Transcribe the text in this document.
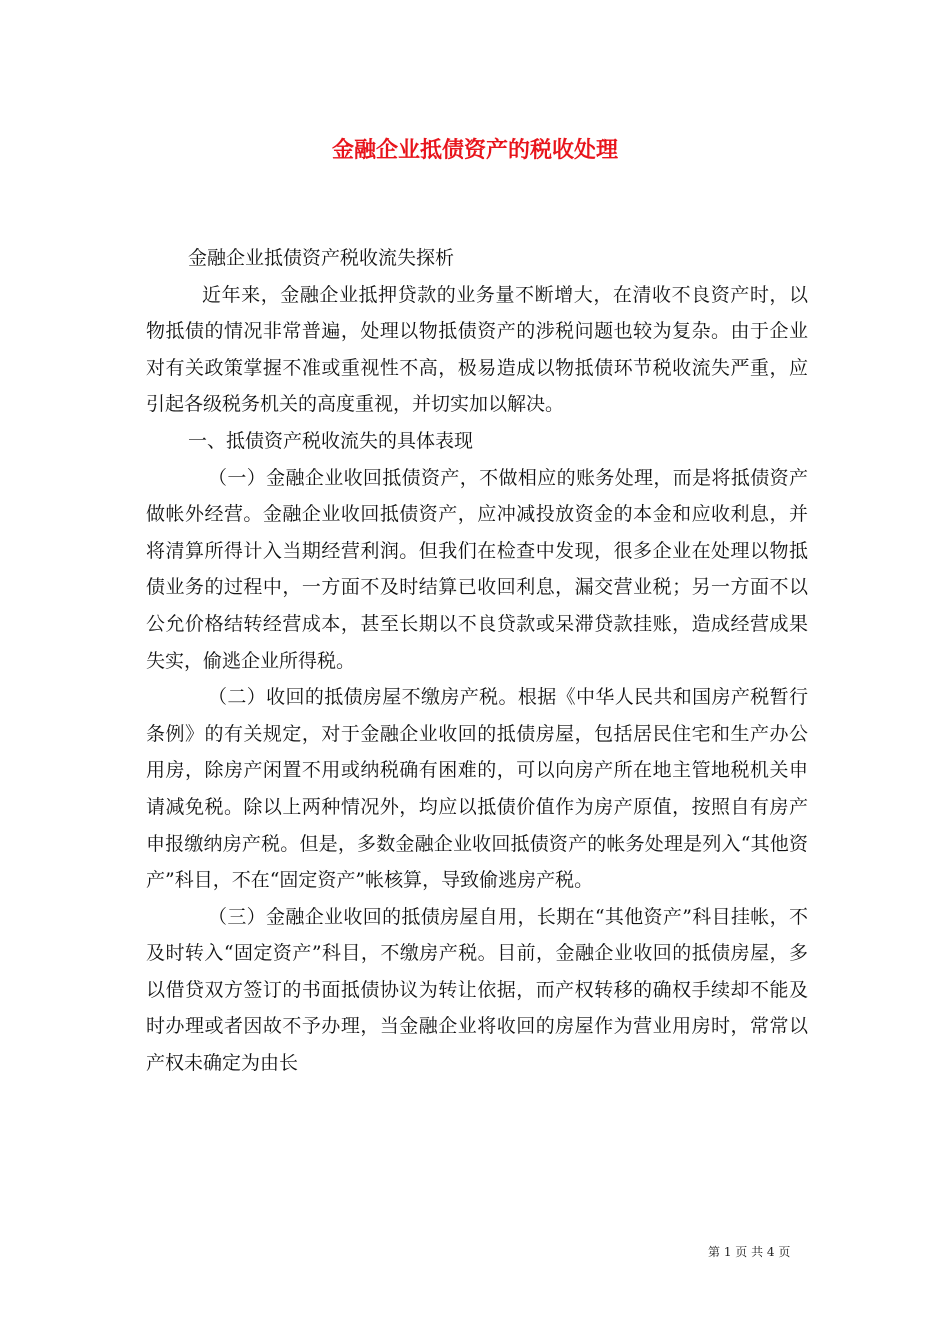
金融企业抵债资产的税收处理

金融企业抵债资产税收流失探析

近年来，金融企业抵押贷款的业务量不断增大，在清收不良资产时，以物抵债的情况非常普遍，处理以物抵债资产的涉税问题也较为复杂。由于企业对有关政策掌握不准或重视性不高，极易造成以物抵债环节税收流失严重，应引起各级税务机关的高度重视，并切实加以解决。

一、抵债资产税收流失的具体表现

（一）金融企业收回抵债资产，不做相应的账务处理，而是将抵债资产做帐外经营。金融企业收回抵债资产，应冲减投放资金的本金和应收利息，并将清算所得计入当期经营利润。但我们在检查中发现，很多企业在处理以物抵债业务的过程中，一方面不及时结算已收回利息，漏交营业税；另一方面不以公允价格结转经营成本，甚至长期以不良贷款或呆滞贷款挂账，造成经营成果失实，偷逃企业所得税。

（二）收回的抵债房屋不缴房产税。根据《中华人民共和国房产税暂行条例》的有关规定，对于金融企业收回的抵债房屋，包括居民住宅和生产办公用房，除房产闲置不用或纳税确有困难的，可以向房产所在地主管地税机关申请减免税。除以上两种情况外，均应以抵债价值作为房产原值，按照自有房产申报缴纳房产税。但是，多数金融企业收回抵债资产的帐务处理是列入“其他资产”科目，不在“固定资产”帐核算，导致偷逃房产税。

（三）金融企业收回的抵债房屋自用，长期在“其他资产”科目挂帐，不及时转入“固定资产”科目，不缴房产税。目前，金融企业收回的抵债房屋，多以借贷双方签订的书面抵债协议为转让依据，而产权转移的确权手续却不能及时办理或者因故不予办理，当金融企业将收回的房屋作为营业用房时，常常以产权未确定为由长

第 1 页 共 4 页
